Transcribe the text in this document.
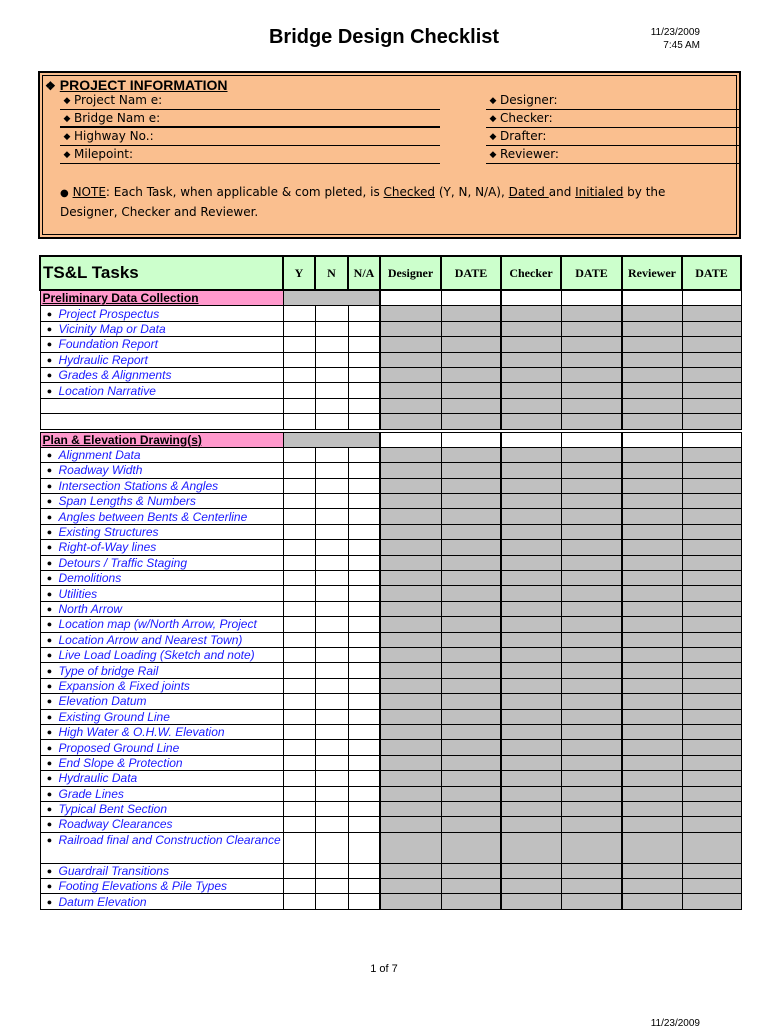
Bridge Design Checklist	11/23/2009
7:45 AM
❖ PROJECT INFORMATION
◆ Project Nam e:
◆ Bridge Nam e:
◆ Highway No.:
◆ Milepoint:
◆ Designer:
◆ Checker:
◆ Drafter:
◆ Reviewer:
● NOTE: Each Task, when applicable & com pleted, is Checked (Y, N, N/A), Dated and Initialed by the
Designer, Checker and Reviewer.
TS&L Tasks	Y	N	N/A	Designer	DATE	Checker	DATE	Reviewer	DATE
Preliminary Data Collection									
● Project Prospectus									
● Vicinity Map or Data									
● Foundation Report									
● Hydraulic Report									
● Grades & Alignments									
● Location Narrative									

Plan & Elevation Drawing(s)									
● Alignment Data									
● Roadway Width									
● Intersection Stations & Angles									
● Span Lengths & Numbers									
● Angles between Bents & Centerline									
● Existing Structures									
● Right-of-Way lines									
● Detours / Traffic Staging									
● Demolitions									
● Utilities									
● North Arrow									
● Location map (w/North Arrow, Project									
● Location Arrow and Nearest Town)									
● Live Load Loading (Sketch and note)									
● Type of bridge Rail									
● Expansion & Fixed joints									
● Elevation Datum									
● Existing Ground Line									
● High Water & O.H.W. Elevation									
● Proposed Ground Line									
● End Slope & Protection									
● Hydraulic Data									
● Grade Lines									
● Typical Bent Section									
● Roadway Clearances									
● Railroad final and Construction Clearance									
● Guardrail Transitions									
● Footing Elevations & Pile Types									
● Datum Elevation									
1 of 7
11/23/2009
